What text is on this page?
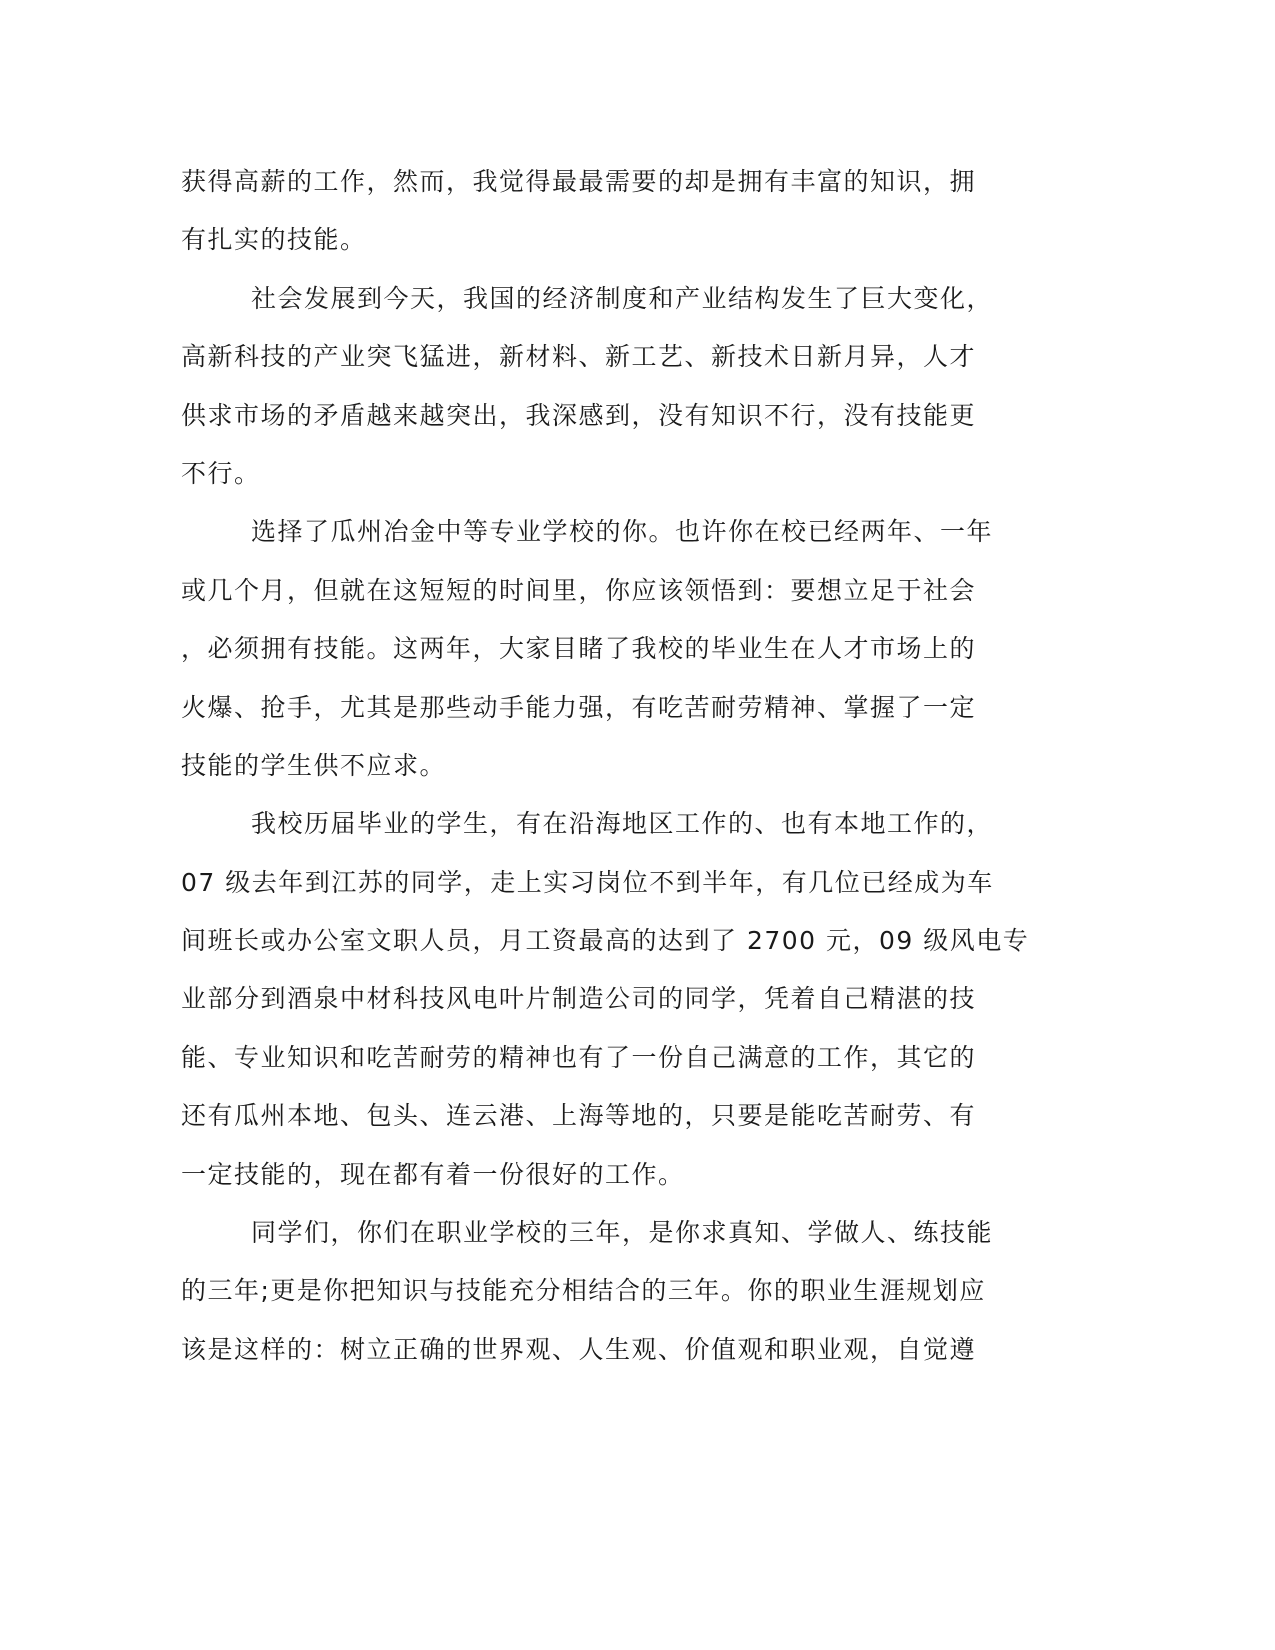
获得高薪的工作，然而，我觉得最最需要的却是拥有丰富的知识，拥
有扎实的技能。
社会发展到今天，我国的经济制度和产业结构发生了巨大变化，
高新科技的产业突飞猛进，新材料、新工艺、新技术日新月异，人才
供求市场的矛盾越来越突出，我深感到，没有知识不行，没有技能更
不行。
选择了瓜州冶金中等专业学校的你。也许你在校已经两年、一年
或几个月，但就在这短短的时间里，你应该领悟到：要想立足于社会
，必须拥有技能。这两年，大家目睹了我校的毕业生在人才市场上的
火爆、抢手，尤其是那些动手能力强，有吃苦耐劳精神、掌握了一定
技能的学生供不应求。
我校历届毕业的学生，有在沿海地区工作的、也有本地工作的，
07 级去年到江苏的同学，走上实习岗位不到半年，有几位已经成为车
间班长或办公室文职人员，月工资最高的达到了 2700 元，09 级风电专
业部分到酒泉中材科技风电叶片制造公司的同学，凭着自己精湛的技
能、专业知识和吃苦耐劳的精神也有了一份自己满意的工作，其它的
还有瓜州本地、包头、连云港、上海等地的，只要是能吃苦耐劳、有
一定技能的，现在都有着一份很好的工作。
同学们，你们在职业学校的三年，是你求真知、学做人、练技能
的三年;更是你把知识与技能充分相结合的三年。你的职业生涯规划应
该是这样的：树立正确的世界观、人生观、价值观和职业观，自觉遵
